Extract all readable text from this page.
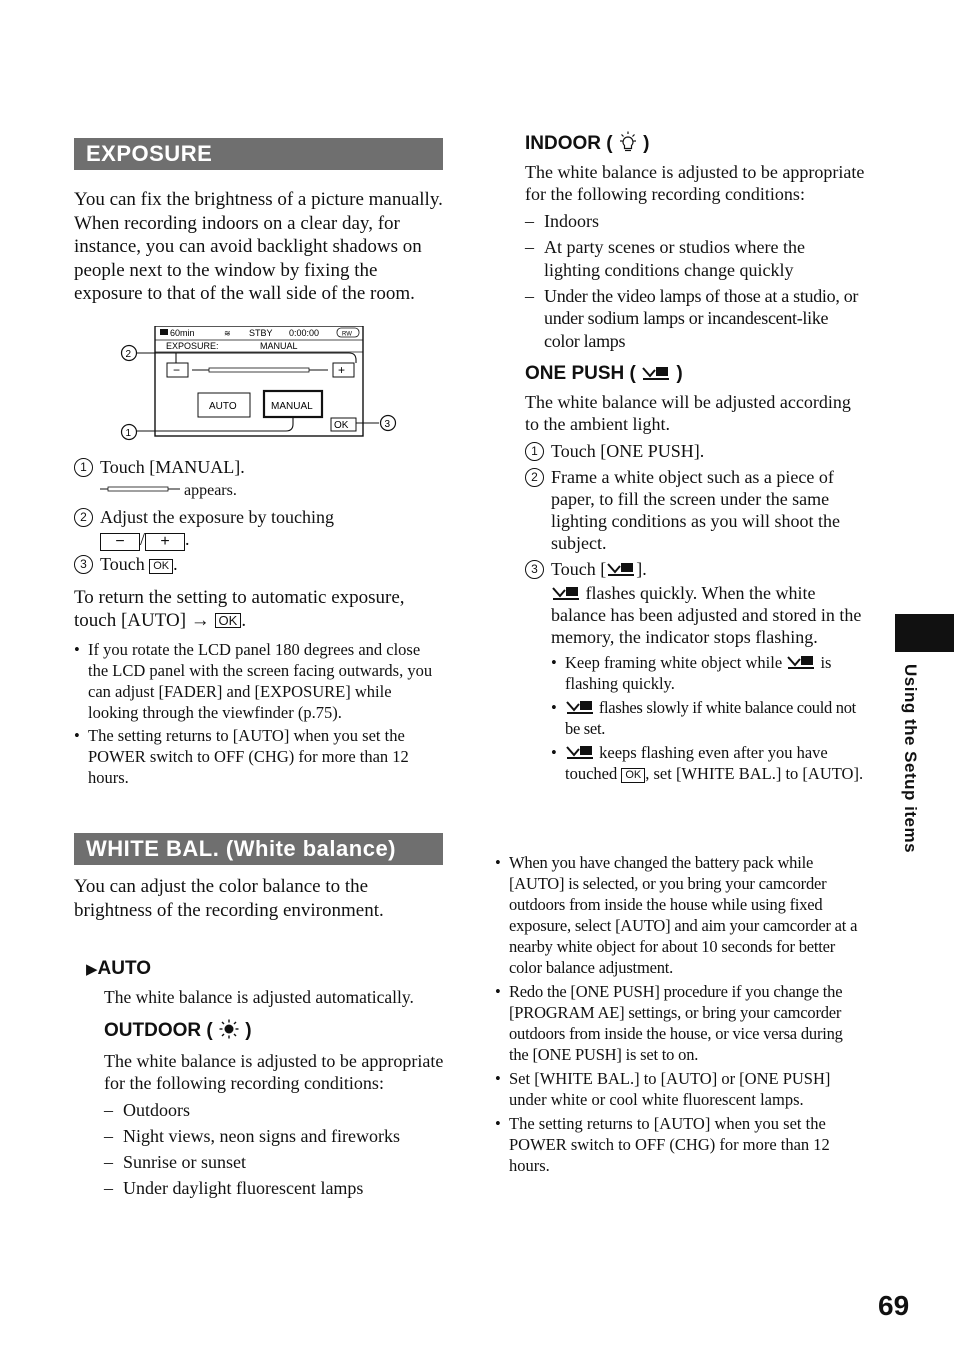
EXPOSURE

You can fix the brightness of a picture manually. When recording indoors on a clear day, for instance, you can avoid backlight shadows on people next to the window by fixing the exposure to that of the wall side of the room.

60min	≋ STBY 0:00:00	RW
EXPOSURE:	MANUAL
−	+
AUTO	MANUAL
OK
2
1
3
1 Touch [MANUAL].
appears.
2 Adjust the exposure by touching
− / + .
3 Touch OK .

To return the setting to automatic exposure, touch [AUTO] → OK .

• If you rotate the LCD panel 180 degrees and close the LCD panel with the screen facing outwards, you can adjust [FADER] and [EXPOSURE] while looking through the viewfinder (p.75).
• The setting returns to [AUTO] when you set the POWER switch to OFF (CHG) for more than 12 hours.
WHITE BAL. (White balance)

You can adjust the color balance to the brightness of the recording environment.

▶AUTO
The white balance is adjusted automatically.
OUTDOOR ( )

The white balance is adjusted to be appropriate for the following recording conditions:

– Outdoors
– Night views, neon signs and fireworks
– Sunrise or sunset
– Under daylight fluorescent lamps
INDOOR ( )

The white balance is adjusted to be appropriate for the following recording conditions:

– Indoors
– At party scenes or studios where the lighting conditions change quickly
– Under the video lamps of those at a studio, or under sodium lamps or incandescent-like color lamps
ONE PUSH ( )

The white balance will be adjusted according to the ambient light.

1 Touch [ONE PUSH].
2 Frame a white object such as a piece of paper, to fill the screen under the same lighting conditions as you will shoot the subject.
3 Touch [ ].
flashes quickly. When the white balance has been adjusted and stored in the memory, the indicator stops flashing.
• Keep framing white object while is flashing quickly.
• flashes slowly if white balance could not be set.
• keeps flashing even after you have touched OK , set [WHITE BAL.] to [AUTO].
• When you have changed the battery pack while [AUTO] is selected, or you bring your camcorder outdoors from inside the house while using fixed exposure, select [AUTO] and aim your camcorder at a nearby white object for about 10 seconds for better color balance adjustment.
• Redo the [ONE PUSH] procedure if you change the [PROGRAM AE] settings, or bring your camcorder outdoors from inside the house, or vice versa during the [ONE PUSH] is set to on.
• Set [WHITE BAL.] to [AUTO] or [ONE PUSH] under white or cool white fluorescent lamps.
• The setting returns to [AUTO] when you set the POWER switch to OFF (CHG) for more than 12 hours.
Using the Setup items
69
